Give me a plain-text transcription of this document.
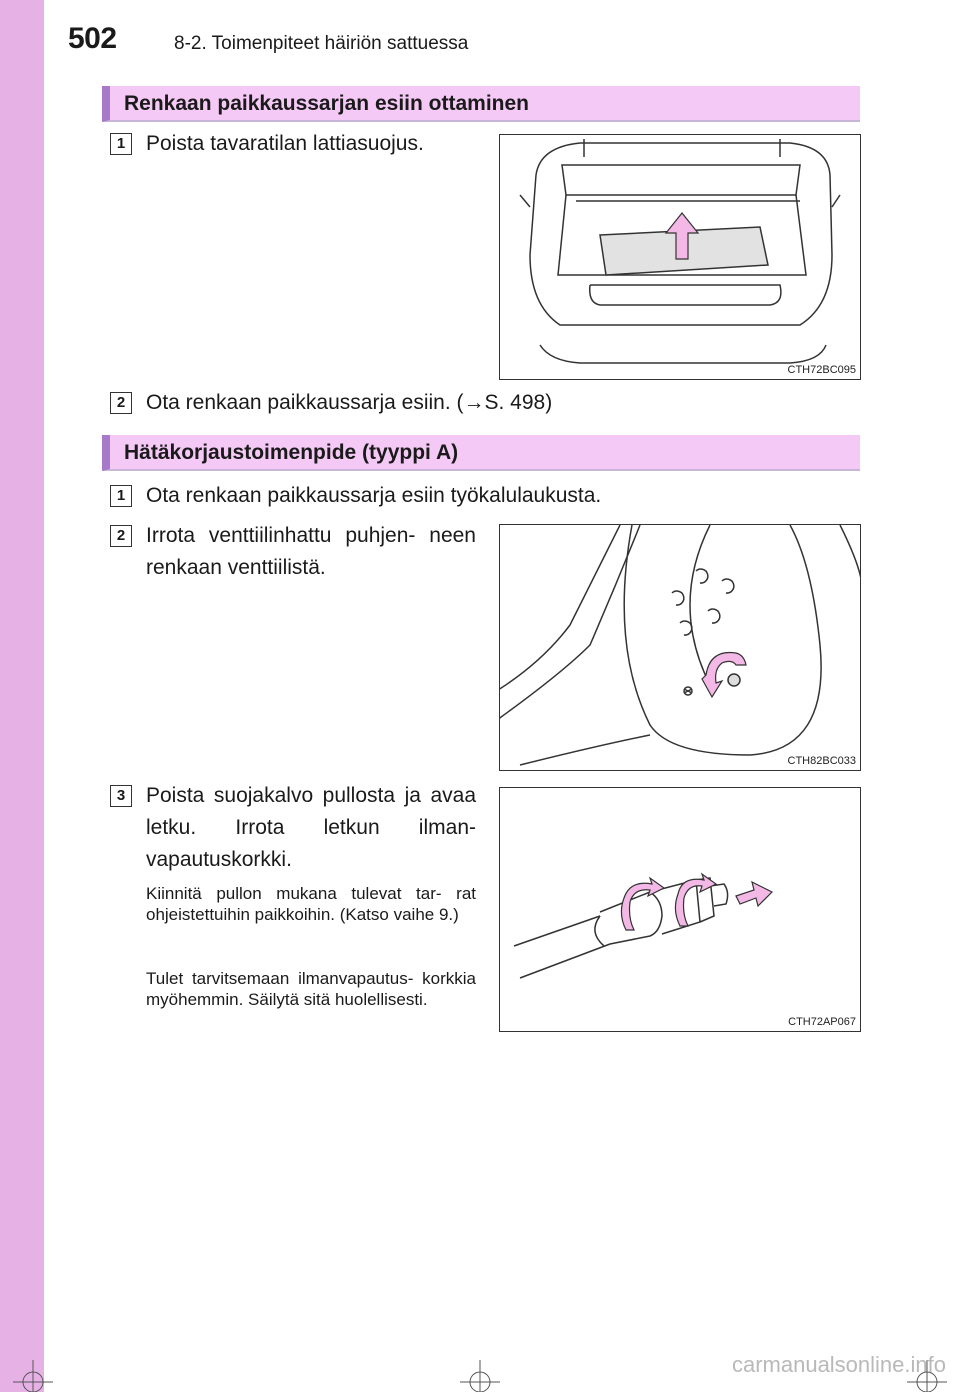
502	8-2. Toimenpiteet häiriön sattuessa
Renkaan paikkaussarjan esiin ottaminen
1 Poista tavaratilan lattiasuojus.
CTH72BC095
2 Ota renkaan paikkaussarja esiin. (→S. 498)
Hätäkorjaustoimenpide (tyyppi A)
1 Ota renkaan paikkaussarja esiin työkalulaukusta.
2 Irrota venttiilinhattu puhjen- neen renkaan venttiilistä.
CTH82BC033
3 Poista suojakalvo pullosta ja avaa letku. Irrota letkun ilman- vapautuskorkki.
Kiinnitä pullon mukana tulevat tar- rat ohjeistettuihin paikkoihin. (Katso vaihe 9.)
Tulet tarvitsemaan ilmanvapautus- korkkia myöhemmin. Säilytä sitä huolellisesti.
CTH72AP067
carmanualsonline.info
